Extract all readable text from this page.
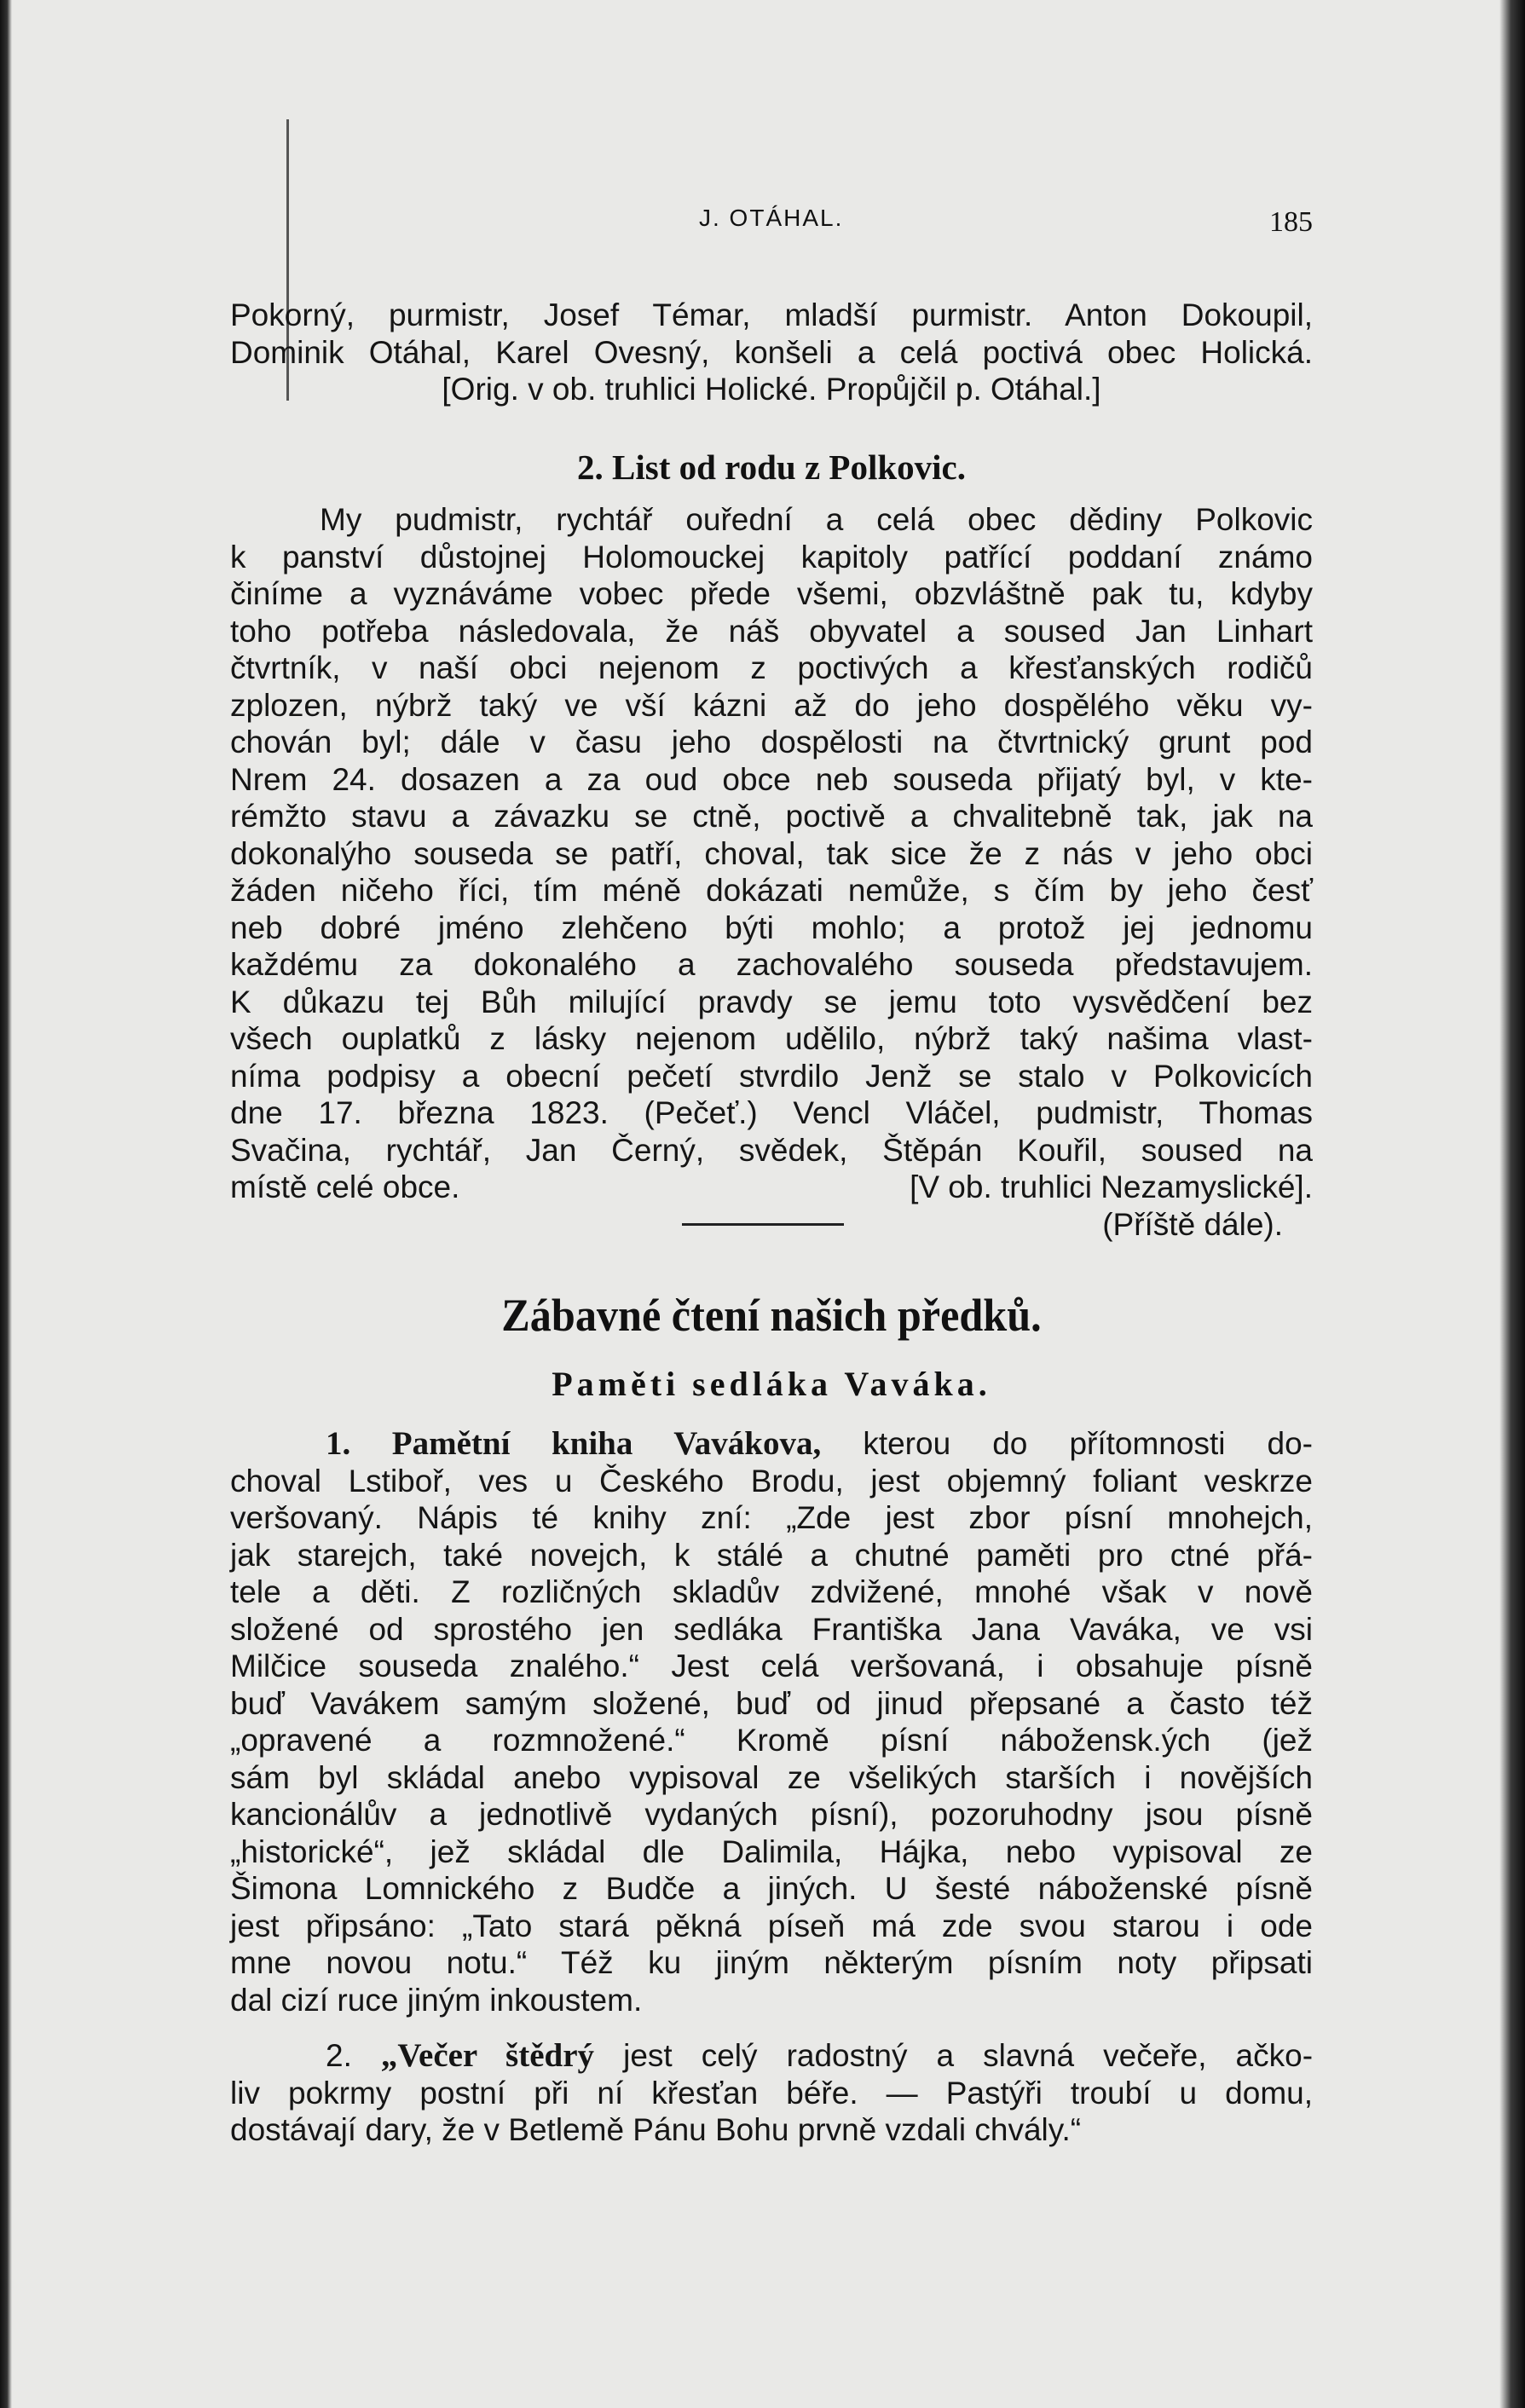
J. OTÁHAL.	185

Pokorný, purmistr, Josef Témar, mladší purmistr. Anton Dokoupil,
Dominik Otáhal, Karel Ovesný, konšeli a celá poctivá obec Holická.
[Orig. v ob. truhlici Holické. Propůjčil p. Otáhal.]

2. List od rodu z Polkovic.

My pudmistr, rychtář ouřední a celá obec dědiny Polkovic
k panství důstojnej Holomouckej kapitoly patřící poddaní známo
činíme a vyznáváme vobec přede všemi, obzvláštně pak tu, kdyby
toho potřeba následovala, že náš obyvatel a soused Jan Linhart
čtvrtník, v naší obci nejenom z poctivých a křesťanských rodičů
zplozen, nýbrž taký ve vší kázni až do jeho dospělého věku vy-
chován byl; dále v času jeho dospělosti na čtvrtnický grunt pod
Nrem 24. dosazen a za oud obce neb souseda přijatý byl, v kte-
rémžto stavu a závazku se ctně, poctivě a chvalitebně tak, jak na
dokonalýho souseda se patří, choval, tak sice že z nás v jeho obci
žáden ničeho říci, tím méně dokázati nemůže, s čím by jeho česť
neb dobré jméno zlehčeno býti mohlo; a protož jej jednomu
každému za dokonalého a zachovalého souseda představujem.
K důkazu tej Bůh milující pravdy se jemu toto vysvědčení bez
všech ouplatků z lásky nejenom udělilo, nýbrž taký našima vlast-
níma podpisy a obecní pečetí stvrdilo Jenž se stalo v Polkovicích
dne 17. března 1823. (Pečeť.) Vencl Vláčel, pudmistr, Thomas
Svačina, rychtář, Jan Černý, svědek, Štěpán Kouřil, soused na
místě celé obce.	[V ob. truhlici Nezamyslické].
(Příště dále).

Zábavné čtení našich předků.
Paměti sedláka Vaváka.

1. Pamětní kniha Vavákova, kterou do přítomnosti do-
choval Lstiboř, ves u Českého Brodu, jest objemný foliant veskrze
veršovaný. Nápis té knihy zní: „Zde jest zbor písní mnohejch,
jak starejch, také novejch, k stálé a chutné paměti pro ctné přá-
tele a děti. Z rozličných skladův zdvižené, mnohé však v nově
složené od sprostého jen sedláka Františka Jana Vaváka, ve vsi
Milčice souseda znalého.“ Jest celá veršovaná, i obsahuje písně
buď Vavákem samým složené, buď od jinud přepsané a často též
„opravené a rozmnožené.“ Kromě písní nábožensk.ých (jež
sám byl skládal anebo vypisoval ze všelikých starších i novějších
kancionálův a jednotlivě vydaných písní), pozoruhodny jsou písně
„historické“, jež skládal dle Dalimila, Hájka, nebo vypisoval ze
Šimona Lomnického z Budče a jiných. U šesté náboženské písně
jest připsáno: „Tato stará pěkná píseň má zde svou starou i ode
mne novou notu.“ Též ku jiným některým písním noty připsati
dal cizí ruce jiným inkoustem.

2. „Večer štědrý jest celý radostný a slavná večeře, ačko-
liv pokrmy postní při ní křesťan béře. — Pastýři troubí u domu,
dostávají dary, že v Betlemě Pánu Bohu prvně vzdali chvály.“
